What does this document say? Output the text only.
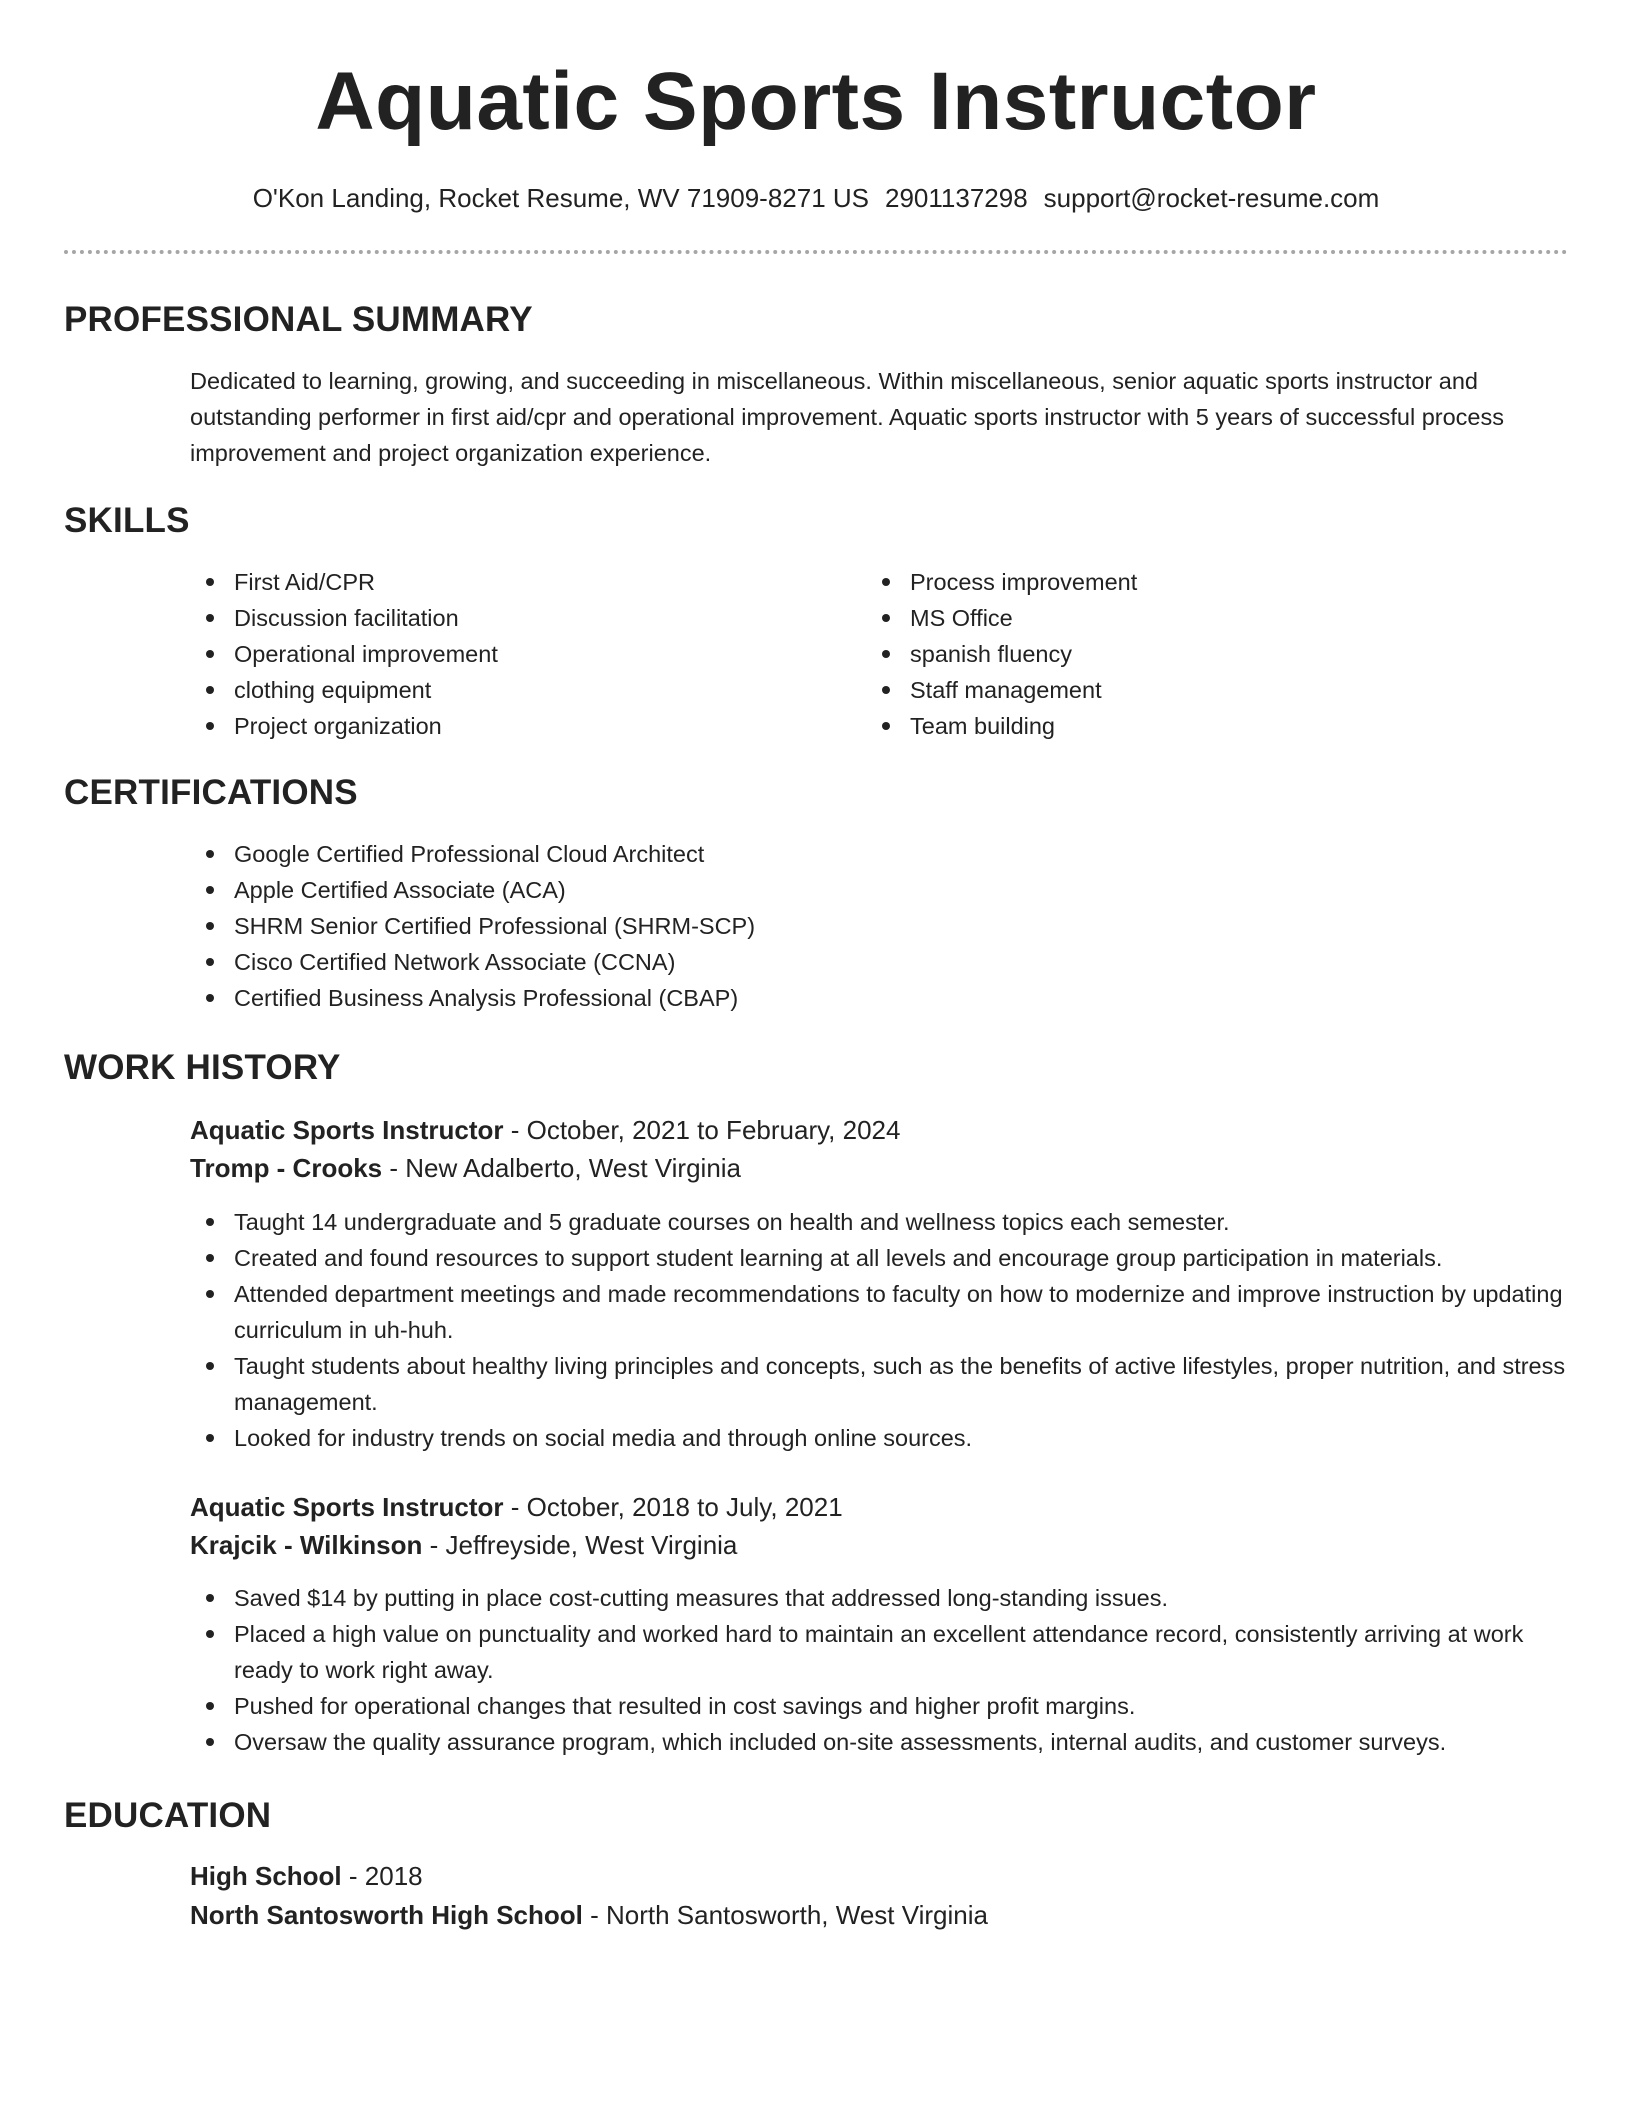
Aquatic Sports Instructor
O'Kon Landing, Rocket Resume, WV 71909-8271 US 2901137298 support@rocket-resume.com
PROFESSIONAL SUMMARY

Dedicated to learning, growing, and succeeding in miscellaneous. Within miscellaneous, senior aquatic sports instructor and outstanding performer in first aid/cpr and operational improvement. Aquatic sports instructor with 5 years of successful process improvement and project organization experience.

SKILLS
First Aid/CPR
Discussion facilitation
Operational improvement
clothing equipment
Project organization
Process improvement
MS Office
spanish fluency
Staff management
Team building
CERTIFICATIONS
Google Certified Professional Cloud Architect
Apple Certified Associate (ACA)
SHRM Senior Certified Professional (SHRM-SCP)
Cisco Certified Network Associate (CCNA)
Certified Business Analysis Professional (CBAP)
WORK HISTORY
Aquatic Sports Instructor - October, 2021 to February, 2024
Tromp - Crooks - New Adalberto, West Virginia
Taught 14 undergraduate and 5 graduate courses on health and wellness topics each semester.
Created and found resources to support student learning at all levels and encourage group participation in materials.
Attended department meetings and made recommendations to faculty on how to modernize and improve instruction by updating curriculum in uh-huh.
Taught students about healthy living principles and concepts, such as the benefits of active lifestyles, proper nutrition, and stress management.
Looked for industry trends on social media and through online sources.
Aquatic Sports Instructor - October, 2018 to July, 2021
Krajcik - Wilkinson - Jeffreyside, West Virginia
Saved $14 by putting in place cost-cutting measures that addressed long-standing issues.
Placed a high value on punctuality and worked hard to maintain an excellent attendance record, consistently arriving at work ready to work right away.
Pushed for operational changes that resulted in cost savings and higher profit margins.
Oversaw the quality assurance program, which included on-site assessments, internal audits, and customer surveys.
EDUCATION
High School - 2018
North Santosworth High School - North Santosworth, West Virginia
